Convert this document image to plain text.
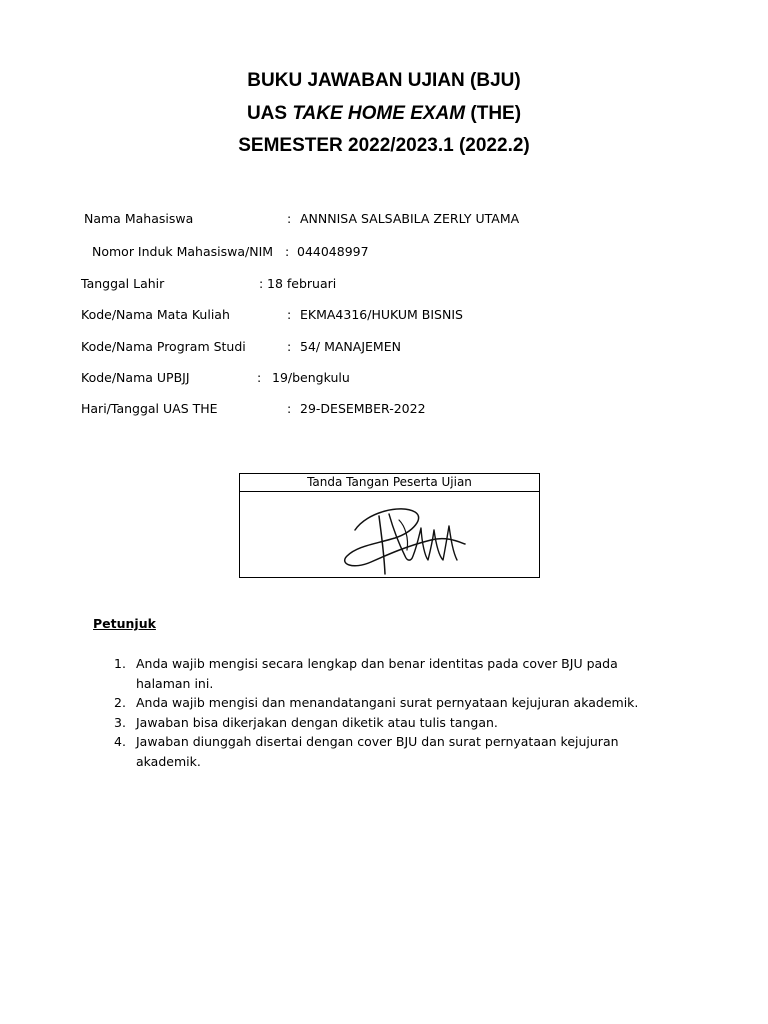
BUKU JAWABAN UJIAN (BJU)
UAS TAKE HOME EXAM (THE)
SEMESTER 2022/2023.1 (2022.2)
Nama Mahasiswa	: ANNNISA SALSABILA ZERLY UTAMA
Nomor Induk Mahasiswa/NIM : 044048997
Tanggal Lahir	: 18 februari
Kode/Nama Mata Kuliah	: EKMA4316/HUKUM BISNIS
Kode/Nama Program Studi	: 54/ MANAJEMEN
Kode/Nama UPBJJ	: 19/bengkulu
Hari/Tanggal UAS THE	: 29-DESEMBER-2022
Tanda Tangan Peserta Ujian
Petunjuk
1. Anda wajib mengisi secara lengkap dan benar identitas pada cover BJU pada halaman ini.
2. Anda wajib mengisi dan menandatangani surat pernyataan kejujuran akademik.
3. Jawaban bisa dikerjakan dengan diketik atau tulis tangan.
4. Jawaban diunggah disertai dengan cover BJU dan surat pernyataan kejujuran akademik.
